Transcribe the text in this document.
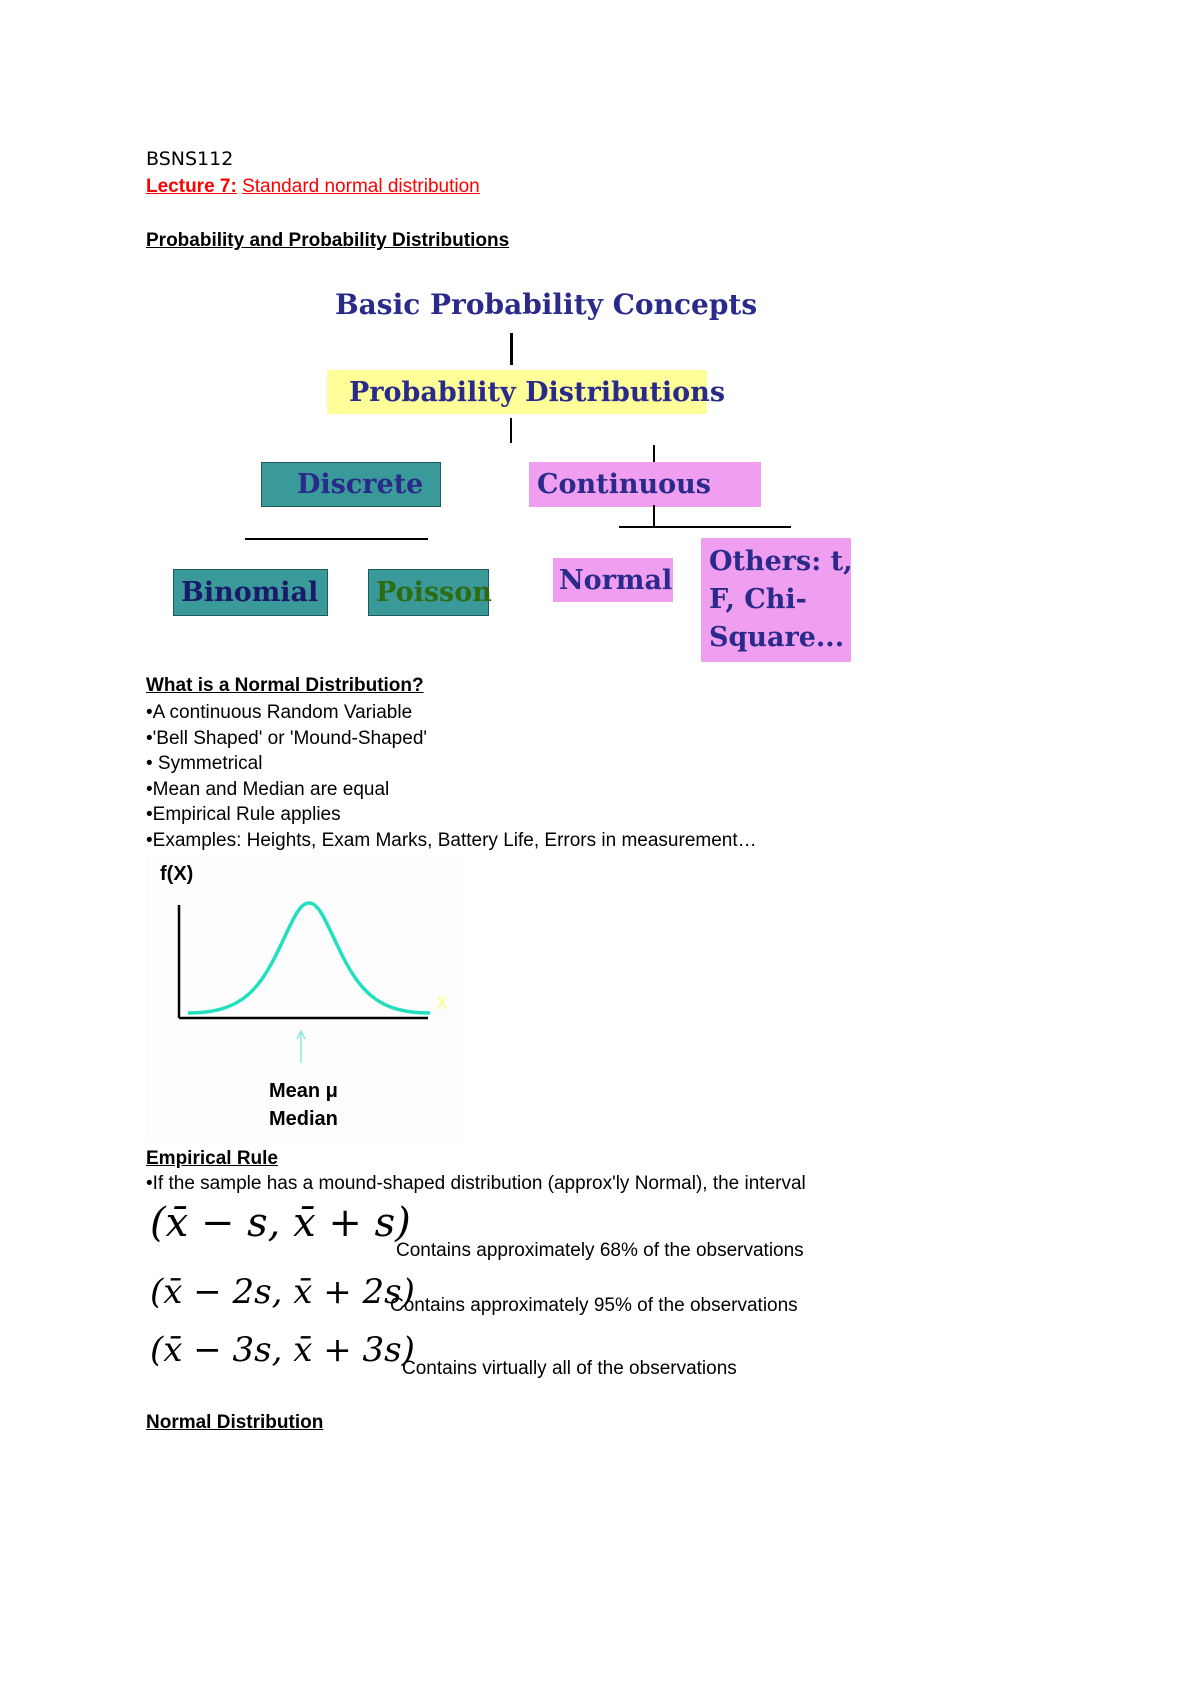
BSNS112
Lecture 7: Standard normal distribution
Probability and Probability Distributions
Basic Probability Concepts
Probability Distributions
Discrete	Continuous
Binomial	Poisson Normal
Others: t,
F, Chi-
Square...
What is a Normal Distribution?
•A continuous Random Variable
•'Bell Shaped' or 'Mound-Shaped'
• Symmetrical
•Mean and Median are equal
•Empirical Rule applies
•Examples: Heights, Exam Marks, Battery Life, Errors in measurement…
f(X)
X
Mean μ
Median
Empirical Rule
•If the sample has a mound-shaped distribution (approx'ly Normal), the interval
(x̄ − s, x̄ + s)
Contains approximately 68% of the observations
(x̄ − 2s, x̄ + 2s)
Contains approximately 95% of the observations
(x̄ − 3s, x̄ + 3s)
Contains virtually all of the observations
Normal Distribution
